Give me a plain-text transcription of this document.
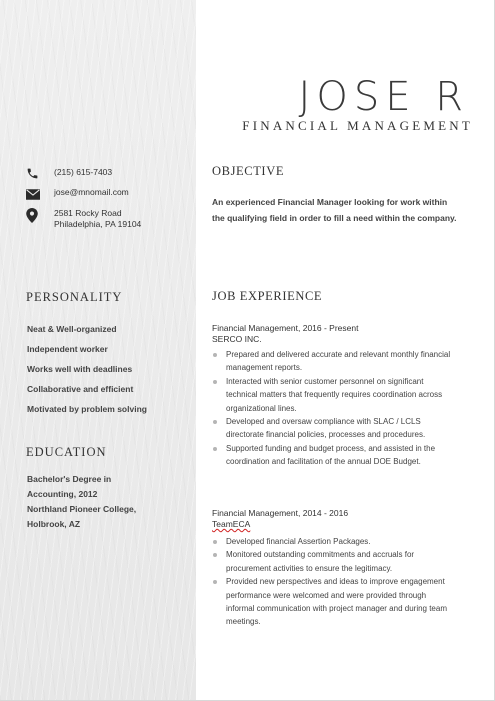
JOSE R
FINANCIAL MANAGEMENT
(215) 615-7403
jose@mnomail.com
2581 Rocky Road
Philadelphia, PA 19104
PERSONALITY
Neat & Well-organized
Independent worker
Works well with deadlines
Collaborative and efficient
Motivated by problem solving
EDUCATION
Bachelor's Degree in
Accounting, 2012
Northland Pioneer College,
Holbrook, AZ
OBJECTIVE
An experienced Financial Manager looking for work within the qualifying field in order to fill a need within the company.
JOB EXPERIENCE
Financial Management, 2016 - Present
SERCO INC.
Prepared and delivered accurate and relevant monthly financial management reports.
Interacted with senior customer personnel on significant technical matters that frequently requires coordination across organizational lines.
Developed and oversaw compliance with SLAC / LCLS directorate financial policies, processes and procedures.
Supported funding and budget process, and assisted in the coordination and facilitation of the annual DOE Budget.
Financial Management, 2014 - 2016
TeamECA
Developed financial Assertion Packages.
Monitored outstanding commitments and accruals for procurement activities to ensure the legitimacy.
Provided new perspectives and ideas to improve engagement performance were welcomed and were provided through informal communication with project manager and during team meetings.
